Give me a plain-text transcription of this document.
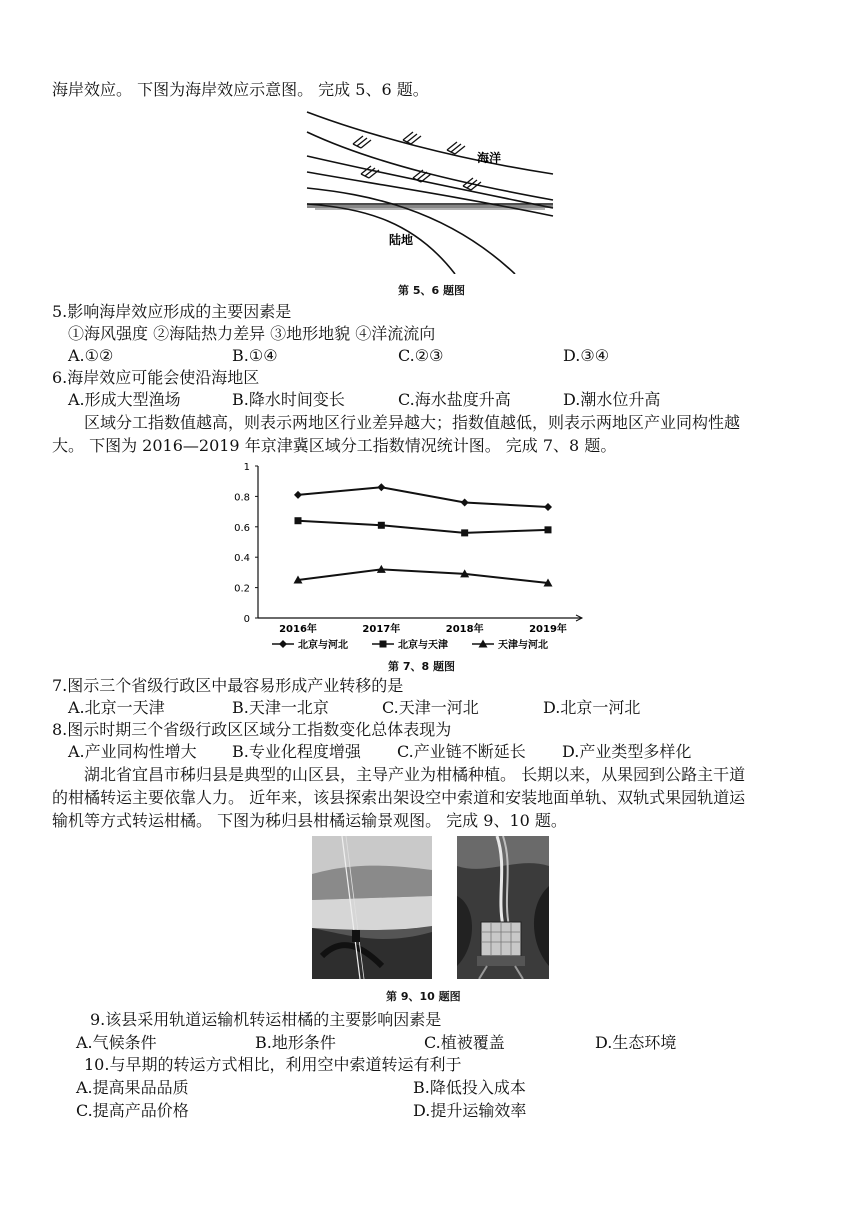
海岸效应。 下图为海岸效应示意图。 完成 5、6 题。
海洋
陆地
第 5、6 题图
5.影响海岸效应形成的主要因素是
①海风强度 ②海陆热力差异 ③地形地貌 ④洋流流向
A.①②	B.①④	C.②③	D.③④
6.海岸效应可能会使沿海地区
A.形成大型渔场	B.降水时间变长	C.海水盐度升高	D.潮水位升高
区域分工指数值越高，则表示两地区行业差异越大；指数值越低，则表示两地区产业同构性越
大。 下图为 2016—2019 年京津冀区域分工指数情况统计图。 完成 7、8 题。
0
0.2
0.4
0.6
0.8
1
2016年	2017年	2018年	2019年
北京与河北	北京与天津	天津与河北
第 7、8 题图
7.图示三个省级行政区中最容易形成产业转移的是
A.北京一天津	B.天津一北京	C.天津一河北	D.北京一河北
8.图示时期三个省级行政区区域分工指数变化总体表现为
A.产业同构性增大 B.专业化程度增强 C.产业链不断延长 D.产业类型多样化
湖北省宜昌市秭归县是典型的山区县，主导产业为柑橘种植。 长期以来，从果园到公路主干道
的柑橘转运主要依靠人力。 近年来，该县探索出架设空中索道和安装地面单轨、双轨式果园轨道运
输机等方式转运柑橘。 下图为秭归县柑橘运输景观图。 完成 9、10 题。
第 9、10 题图
9.该县采用轨道运输机转运柑橘的主要影响因素是
A.气候条件	B.地形条件	C.植被覆盖	D.生态环境
10.与早期的转运方式相比，利用空中索道转运有利于
A.提高果品品质	B.降低投入成本
C.提高产品价格	D.提升运输效率
